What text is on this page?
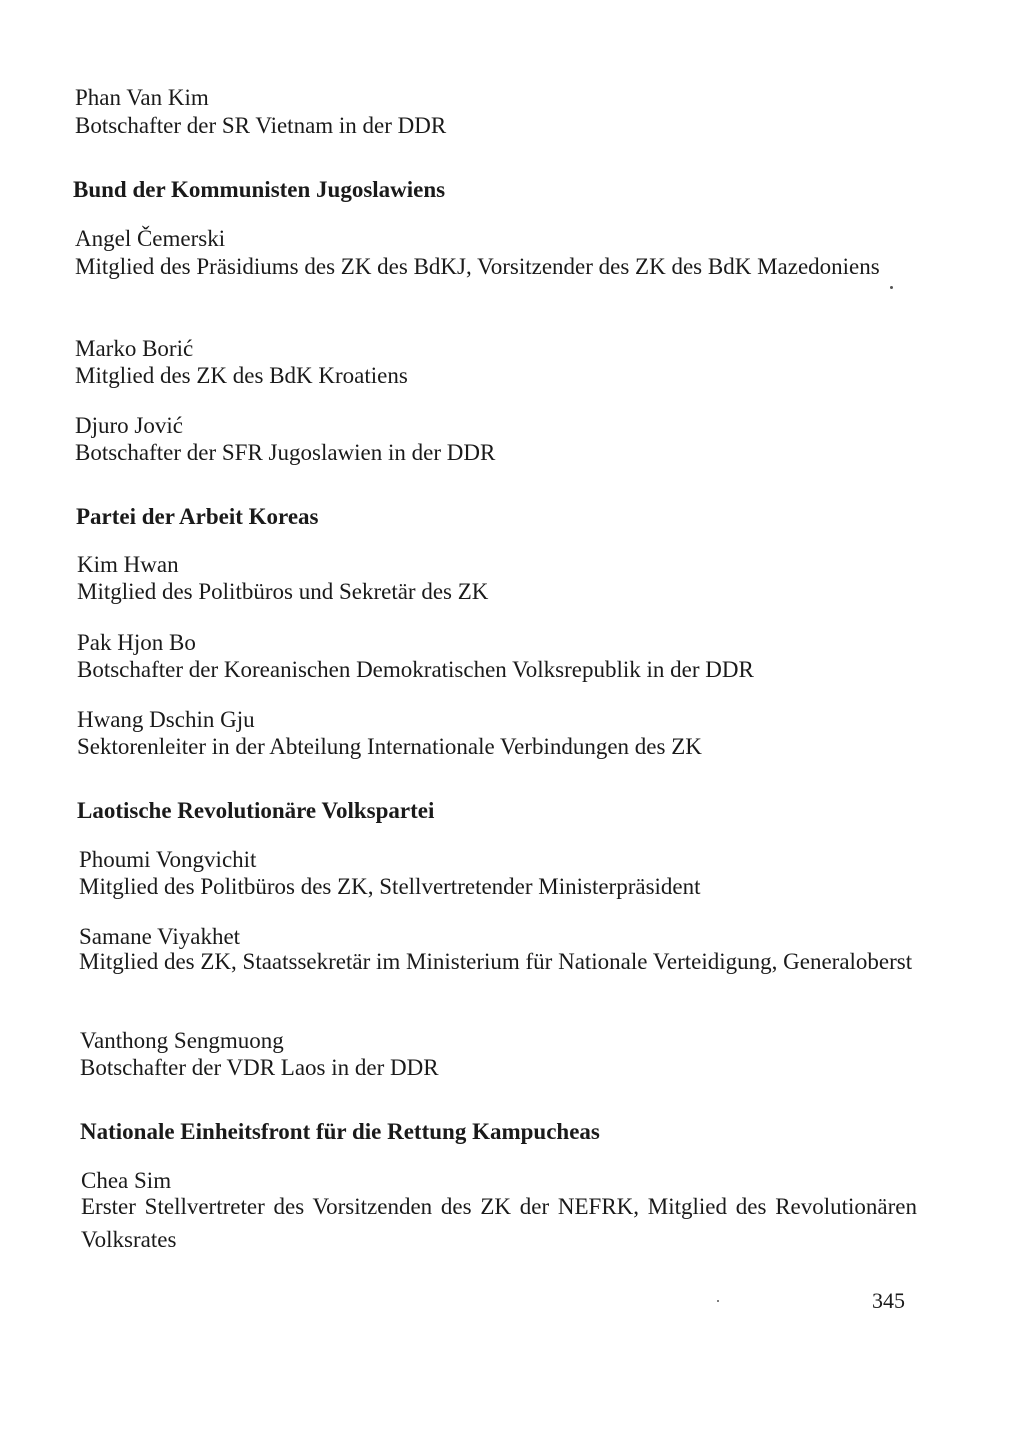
Phan Van Kim

Botschafter der SR Vietnam in der DDR

Bund der Kommunisten Jugoslawiens

Angel Čemerski

Mitglied des Präsidiums des ZK des BdKJ, Vorsitzender des ZK des BdK Mazedoniens

Marko Borić

Mitglied des ZK des BdK Kroatiens

Djuro Jović

Botschafter der SFR Jugoslawien in der DDR

Partei der Arbeit Koreas

Kim Hwan

Mitglied des Politbüros und Sekretär des ZK

Pak Hjon Bo

Botschafter der Koreanischen Demokratischen Volksrepublik in der DDR

Hwang Dschin Gju

Sektorenleiter in der Abteilung Internationale Verbindungen des ZK

Laotische Revolutionäre Volkspartei

Phoumi Vongvichit

Mitglied des Politbüros des ZK, Stellvertretender Ministerpräsident

Samane Viyakhet

Mitglied des ZK, Staatssekretär im Ministerium für Nationale Verteidigung, Generaloberst

Vanthong Sengmuong

Botschafter der VDR Laos in der DDR

Nationale Einheitsfront für die Rettung Kampucheas

Chea Sim

Erster Stellvertreter des Vorsitzenden des ZK der NEFRK, Mitglied des Revolutionären Volksrates

345
